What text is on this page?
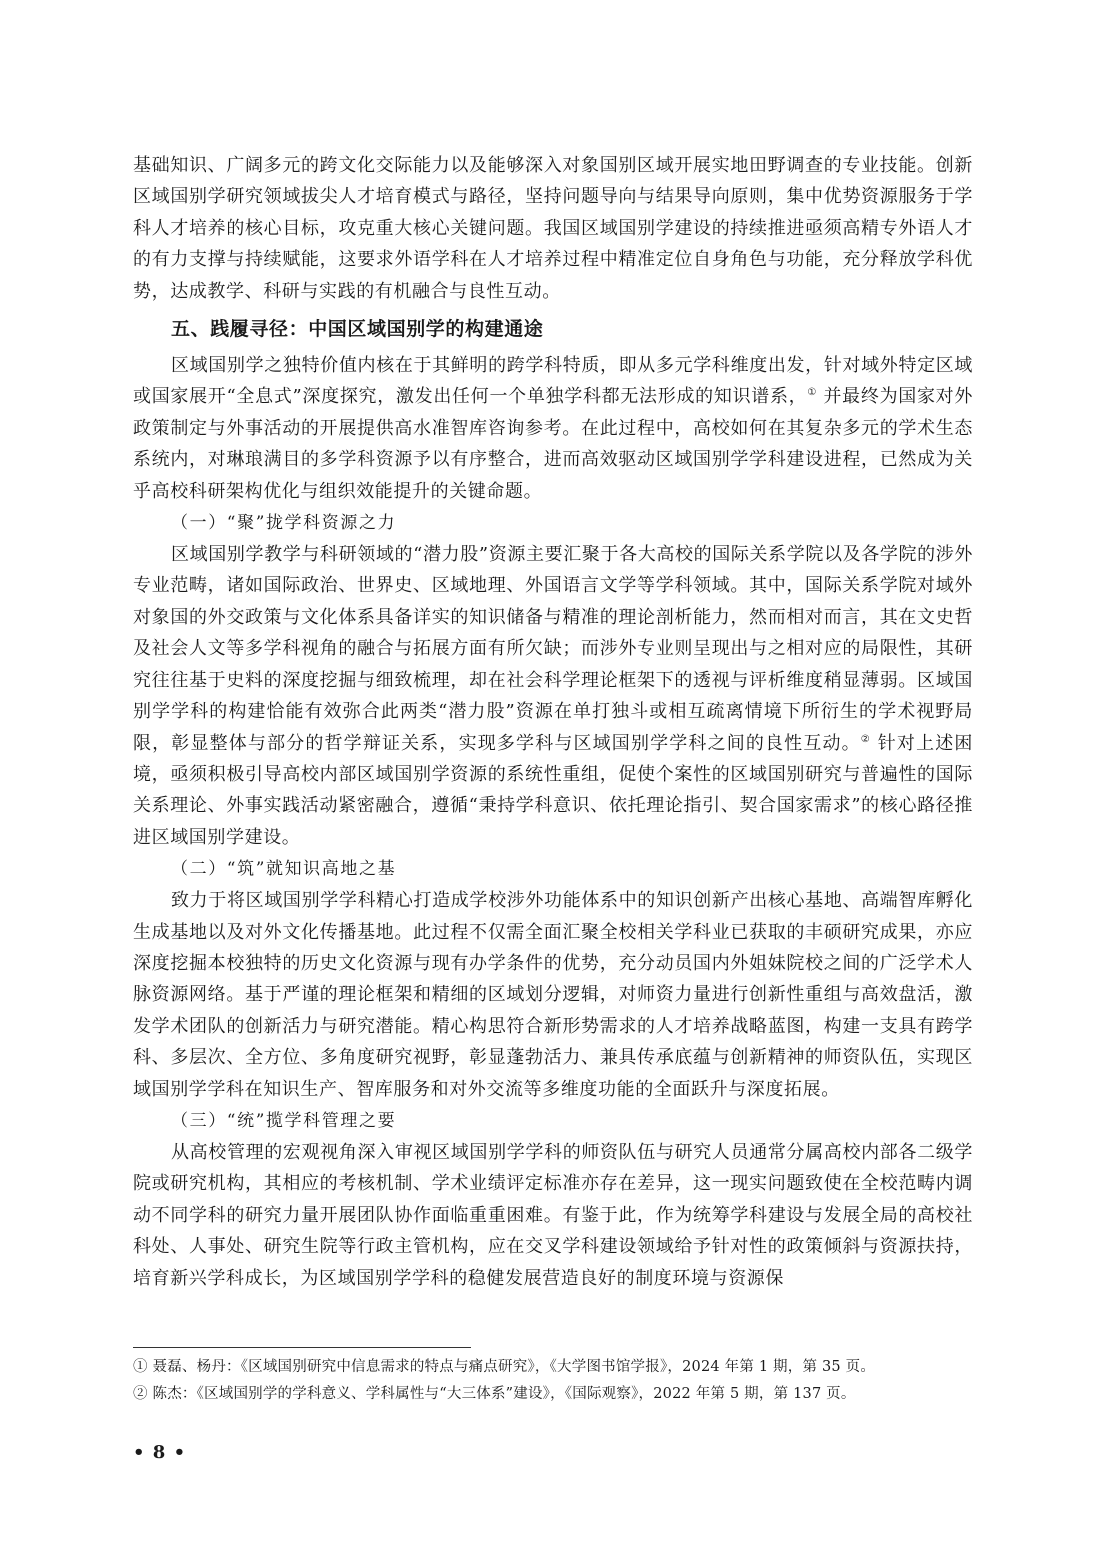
基础知识、广阔多元的跨文化交际能力以及能够深入对象国别区域开展实地田野调查的专业技能。创新区域国别学研究领域拔尖人才培育模式与路径，坚持问题导向与结果导向原则，集中优势资源服务于学科人才培养的核心目标，攻克重大核心关键问题。我国区域国别学建设的持续推进亟须高精专外语人才的有力支撑与持续赋能，这要求外语学科在人才培养过程中精准定位自身角色与功能，充分释放学科优势，达成教学、科研与实践的有机融合与良性互动。

五、践履寻径：中国区域国别学的构建通途

区域国别学之独特价值内核在于其鲜明的跨学科特质，即从多元学科维度出发，针对域外特定区域或国家展开“全息式”深度探究，激发出任何一个单独学科都无法形成的知识谱系，① 并最终为国家对外政策制定与外事活动的开展提供高水准智库咨询参考。在此过程中，高校如何在其复杂多元的学术生态系统内，对琳琅满目的多学科资源予以有序整合，进而高效驱动区域国别学学科建设进程，已然成为关乎高校科研架构优化与组织效能提升的关键命题。

（一）“聚”拢学科资源之力

区域国别学教学与科研领域的“潜力股”资源主要汇聚于各大高校的国际关系学院以及各学院的涉外专业范畴，诸如国际政治、世界史、区域地理、外国语言文学等学科领域。其中，国际关系学院对域外对象国的外交政策与文化体系具备详实的知识储备与精准的理论剖析能力，然而相对而言，其在文史哲及社会人文等多学科视角的融合与拓展方面有所欠缺；而涉外专业则呈现出与之相对应的局限性，其研究往往基于史料的深度挖掘与细致梳理，却在社会科学理论框架下的透视与评析维度稍显薄弱。区域国别学学科的构建恰能有效弥合此两类“潜力股”资源在单打独斗或相互疏离情境下所衍生的学术视野局限，彰显整体与部分的哲学辩证关系，实现多学科与区域国别学学科之间的良性互动。② 针对上述困境，亟须积极引导高校内部区域国别学资源的系统性重组，促使个案性的区域国别研究与普遍性的国际关系理论、外事实践活动紧密融合，遵循“秉持学科意识、依托理论指引、契合国家需求”的核心路径推进区域国别学建设。

（二）“筑”就知识高地之基

致力于将区域国别学学科精心打造成学校涉外功能体系中的知识创新产出核心基地、高端智库孵化生成基地以及对外文化传播基地。此过程不仅需全面汇聚全校相关学科业已获取的丰硕研究成果，亦应深度挖掘本校独特的历史文化资源与现有办学条件的优势，充分动员国内外姐妹院校之间的广泛学术人脉资源网络。基于严谨的理论框架和精细的区域划分逻辑，对师资力量进行创新性重组与高效盘活，激发学术团队的创新活力与研究潜能。精心构思符合新形势需求的人才培养战略蓝图，构建一支具有跨学科、多层次、全方位、多角度研究视野，彰显蓬勃活力、兼具传承底蕴与创新精神的师资队伍，实现区域国别学学科在知识生产、智库服务和对外交流等多维度功能的全面跃升与深度拓展。

（三）“统”揽学科管理之要

从高校管理的宏观视角深入审视区域国别学学科的师资队伍与研究人员通常分属高校内部各二级学院或研究机构，其相应的考核机制、学术业绩评定标准亦存在差异，这一现实问题致使在全校范畴内调动不同学科的研究力量开展团队协作面临重重困难。有鉴于此，作为统筹学科建设与发展全局的高校社科处、人事处、研究生院等行政主管机构，应在交叉学科建设领域给予针对性的政策倾斜与资源扶持，培育新兴学科成长，为区域国别学学科的稳健发展营造良好的制度环境与资源保

① 聂磊、杨丹：《区域国别研究中信息需求的特点与痛点研究》，《大学图书馆学报》，2024 年第 1 期，第 35 页。

② 陈杰：《区域国别学的学科意义、学科属性与“大三体系”建设》，《国际观察》，2022 年第 5 期，第 137 页。

• 8 •
